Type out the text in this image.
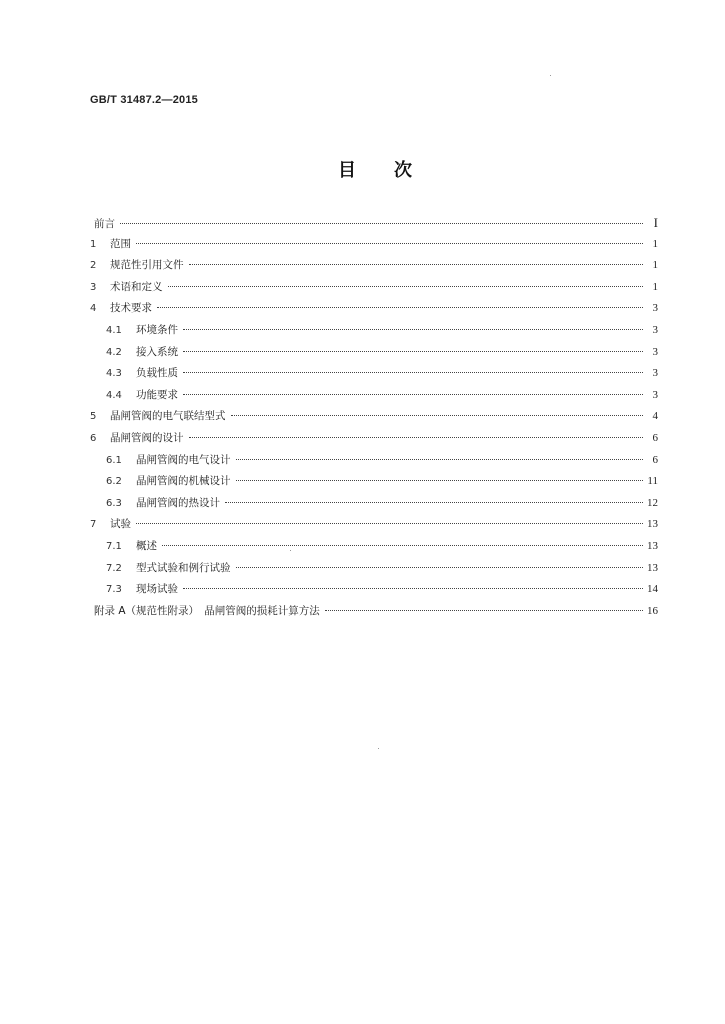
GB/T 31487.2—2015
目 次
前言	I
1	范围	1
2	规范性引用文件	1
3	术语和定义	1
4	技术要求	3
4.1	环境条件	3
4.2	接入系统	3
4.3	负载性质	3
4.4	功能要求	3
5	晶闸管阀的电气联结型式	4
6	晶闸管阀的设计	6
6.1	晶闸管阀的电气设计	6
6.2	晶闸管阀的机械设计	11
6.3	晶闸管阀的热设计	12
7	试验	13
7.1	概述	13
7.2	型式试验和例行试验	13
7.3	现场试验	14
附录 A（规范性附录）　晶闸管阀的损耗计算方法	16
